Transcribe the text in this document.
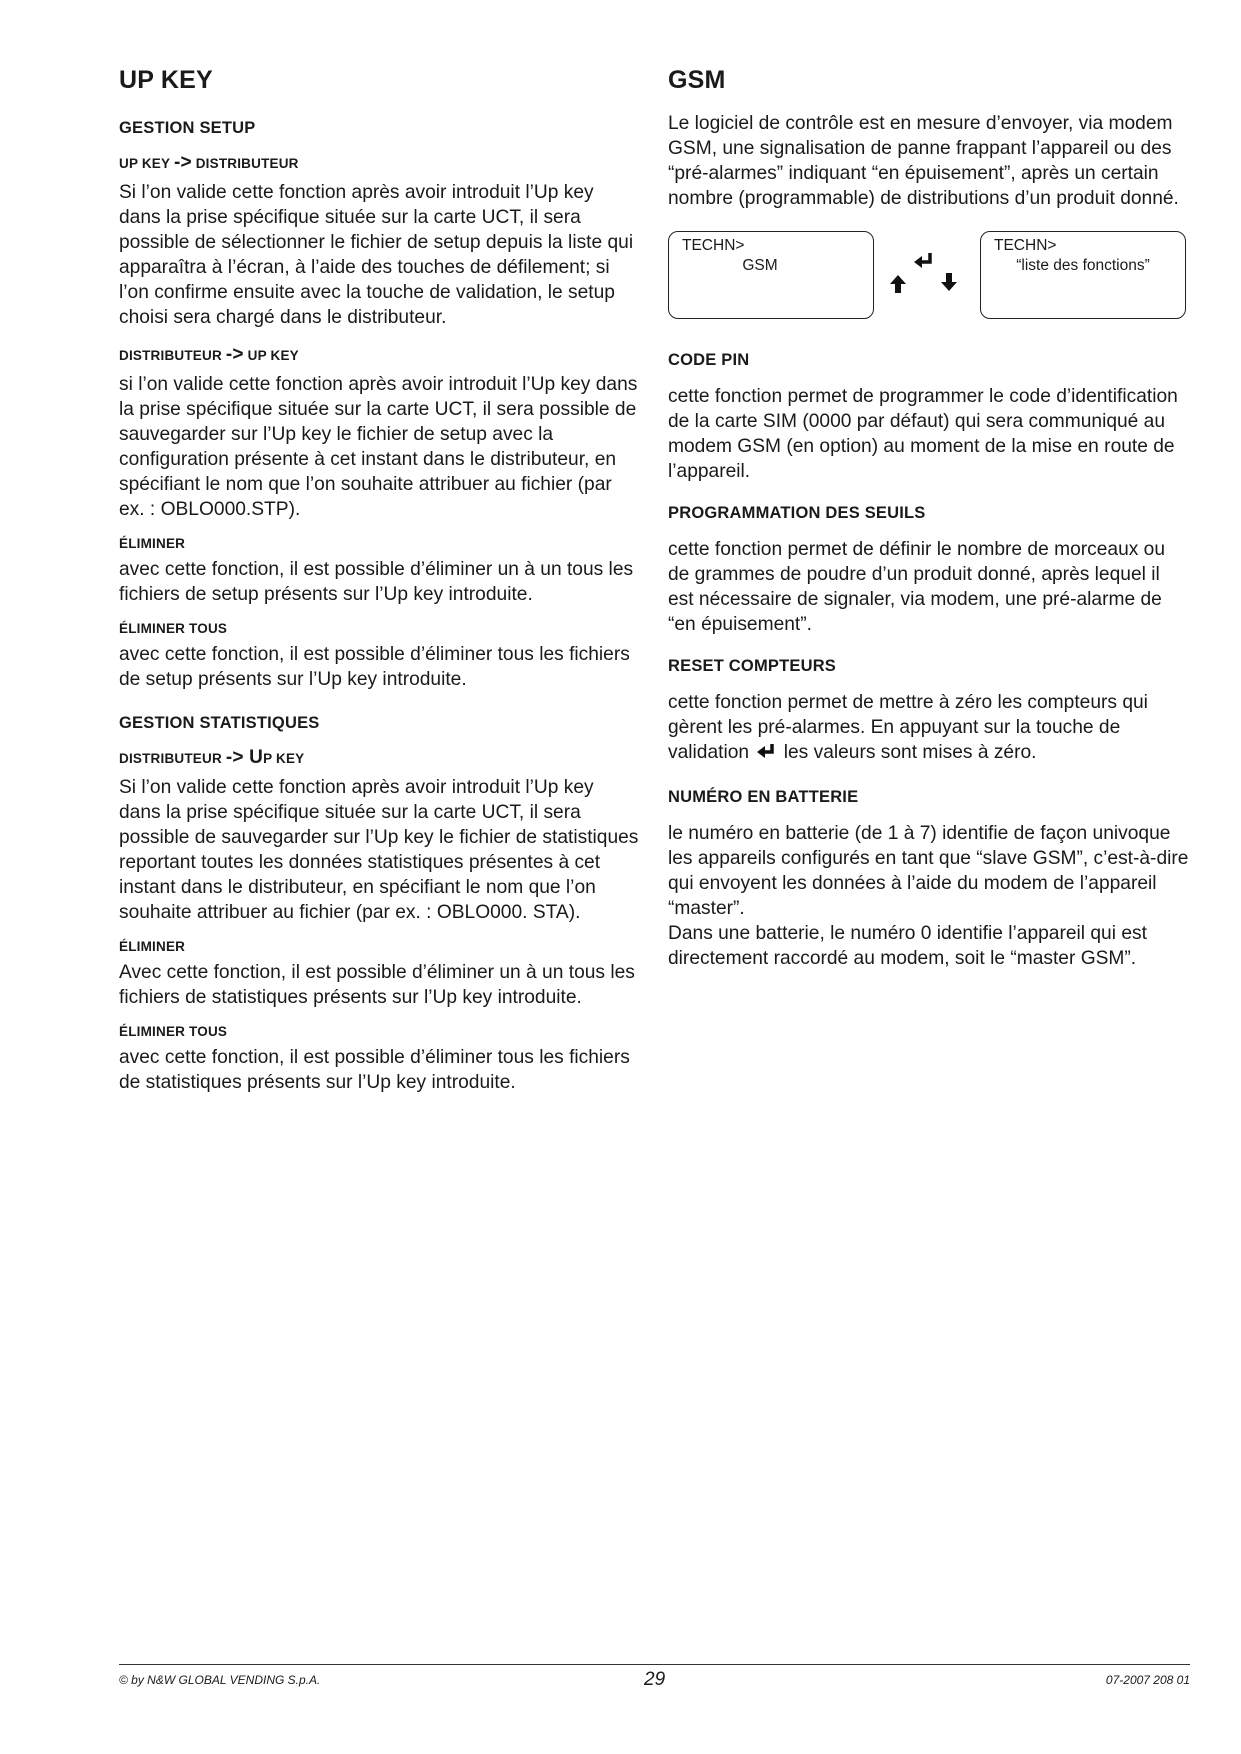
UP KEY
GESTION SETUP
UP KEY -> DISTRIBUTEUR

Si l’on valide cette fonction après avoir introduit l’Up key dans la prise spécifique située sur la carte UCT, il sera possible de sélectionner le fichier de setup depuis la liste qui apparaîtra à l’écran, à l’aide des touches de défilement; si l’on confirme ensuite avec la touche de validation, le setup choisi sera chargé dans le distributeur.

DISTRIBUTEUR -> UP KEY

si l’on valide cette fonction après avoir introduit l’Up key dans la prise spécifique située sur la carte UCT, il sera possible de sauvegarder sur l’Up key le fichier de setup avec la configuration présente à cet instant dans le distributeur, en spécifiant le nom que l’on souhaite attribuer au fichier (par ex. : OBLO000.STP).

ÉLIMINER

avec cette fonction, il est possible d’éliminer un à un tous les fichiers de setup présents sur l’Up key introduite.

ÉLIMINER TOUS

avec cette fonction, il est possible d’éliminer tous les fichiers de setup présents sur l’Up key introduite.

GESTION STATISTIQUES
DISTRIBUTEUR -> UP KEY

Si l’on valide cette fonction après avoir introduit l’Up key dans la prise spécifique située sur la carte UCT, il sera possible de sauvegarder sur l’Up key le fichier de statistiques reportant toutes les données statistiques présentes à cet instant dans le distributeur, en spécifiant le nom que l’on souhaite attribuer au fichier (par ex. : OBLO000. STA).

ÉLIMINER

Avec cette fonction, il est possible d’éliminer un à un tous les fichiers de statistiques présents sur l’Up key introduite.

ÉLIMINER TOUS

avec cette fonction, il est possible d’éliminer tous les fichiers de statistiques présents sur l’Up key introduite.

GSM

Le logiciel de contrôle est en mesure d’envoyer, via modem GSM, une signalisation de panne frappant l’appareil ou des “pré-alarmes” indiquant “en épuisement”, après un certain nombre (programmable) de distributions d’un produit donné.

TECHN>
GSM
TECHN>
“liste des fonctions”
CODE PIN

cette fonction permet de programmer le code d’identification de la carte SIM (0000 par défaut) qui sera communiqué au modem GSM (en option) au moment de la mise en route de l’appareil.

PROGRAMMATION DES SEUILS

cette fonction permet de définir le nombre de morceaux ou de grammes de poudre d’un produit donné, après lequel il est nécessaire de signaler, via modem, une pré-alarme de “en épuisement”.

RESET COMPTEURS

cette fonction permet de mettre à zéro les compteurs qui gèrent les pré-alarmes. En appuyant sur la touche de validation  les valeurs sont mises à zéro.

NUMÉRO EN BATTERIE

le numéro en batterie (de 1 à 7) identifie de façon univoque les appareils configurés en tant que “slave GSM”, c’est-à-dire qui envoyent les données à l’aide du modem de l’appareil “master”.

Dans une batterie, le numéro 0 identifie l’appareil qui est directement raccordé au modem, soit le “master GSM”.

© by N&W GLOBAL VENDING S.p.A.	29	07-2007 208 01
